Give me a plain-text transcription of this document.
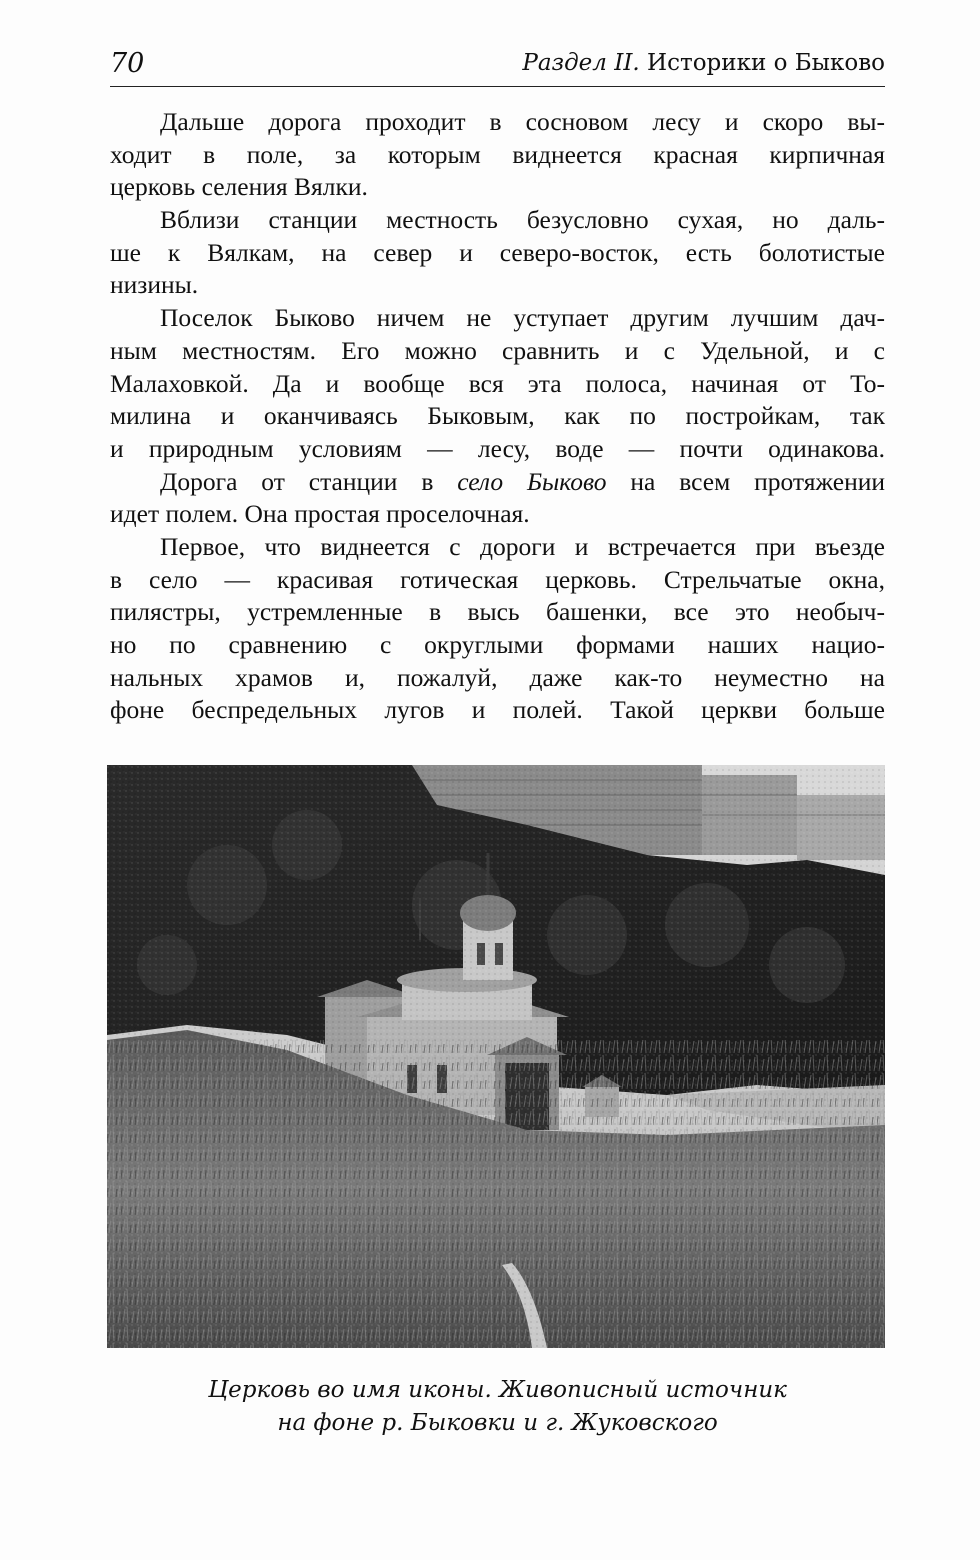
70	Раздел II. Историки о Быково
Дальше дорога проходит в сосновом лесу и скоро вы-
ходит в поле, за которым виднеется красная кирпичная
церковь селения Вялки.
Вблизи станции местность безусловно сухая, но даль-
ше к Вялкам, на север и северо-восток, есть болотистые
низины.
Поселок Быково ничем не уступает другим лучшим дач-
ным местностям. Его можно сравнить и с Удельной, и с
Малаховкой. Да и вообще вся эта полоса, начиная от То-
милина и оканчиваясь Быковым, как по постройкам, так
и природным условиям — лесу, воде — почти одинакова.
Дорога от станции в село Быково на всем протяжении
идет полем. Она простая проселочная.
Первое, что виднеется с дороги и встречается при въезде
в село — красивая готическая церковь. Стрельчатые окна,
пилястры, устремленные в высь башенки, все это необыч-
но по сравнению с округлыми формами наших нацио-
нальных храмов и, пожалуй, даже как-то неуместно на
фоне беспредельных лугов и полей. Такой церкви больше
Церковь во имя иконы. Живописный источник
на фоне р. Быковки и г. Жуковского
